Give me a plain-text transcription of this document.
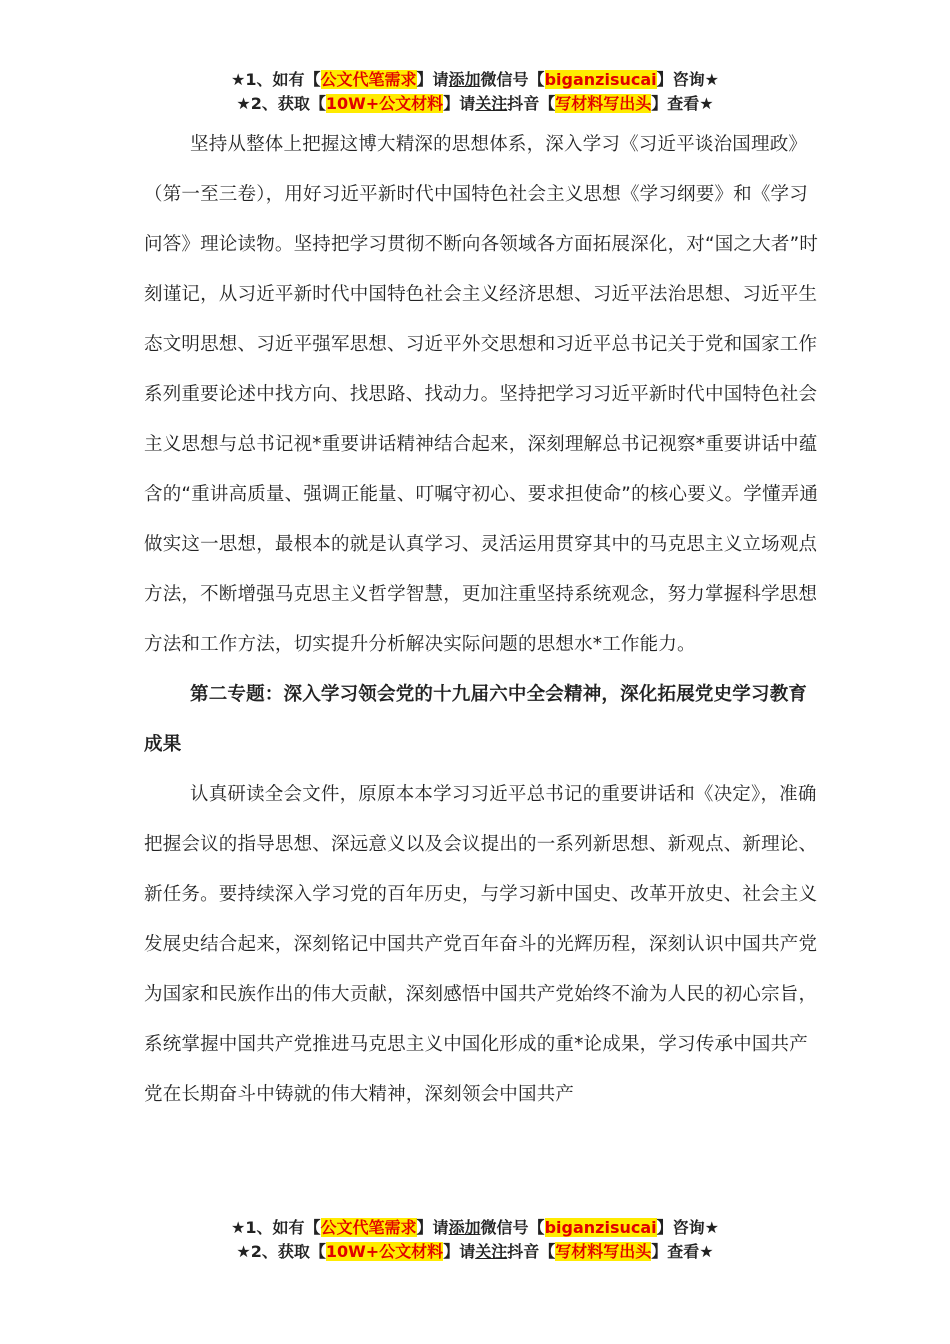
★1、如有【公文代笔需求】请添加微信号【biganzisucai】咨询★
★2、获取【10W+公文材料】请关注抖音【写材料写出头】查看★

坚持从整体上把握这博大精深的思想体系，深入学习《习近平谈治国理政》（第一至三卷），用好习近平新时代中国特色社会主义思想《学习纲要》和《学习问答》理论读物。坚持把学习贯彻不断向各领域各方面拓展深化，对“国之大者”时刻谨记，从习近平新时代中国特色社会主义经济思想、习近平法治思想、习近平生态文明思想、习近平强军思想、习近平外交思想和习近平总书记关于党和国家工作系列重要论述中找方向、找思路、找动力。坚持把学习习近平新时代中国特色社会主义思想与总书记视*重要讲话精神结合起来，深刻理解总书记视察*重要讲话中蕴含的“重讲高质量、强调正能量、叮嘱守初心、要求担使命”的核心要义。学懂弄通做实这一思想，最根本的就是认真学习、灵活运用贯穿其中的马克思主义立场观点方法，不断增强马克思主义哲学智慧，更加注重坚持系统观念，努力掌握科学思想方法和工作方法，切实提升分析解决实际问题的思想水*工作能力。

第二专题：深入学习领会党的十九届六中全会精神，深化拓展党史学习教育成果

认真研读全会文件，原原本本学习习近平总书记的重要讲话和《决定》，准确把握会议的指导思想、深远意义以及会议提出的一系列新思想、新观点、新理论、新任务。要持续深入学习党的百年历史，与学习新中国史、改革开放史、社会主义发展史结合起来，深刻铭记中国共产党百年奋斗的光辉历程，深刻认识中国共产党为国家和民族作出的伟大贡献，深刻感悟中国共产党始终不渝为人民的初心宗旨，系统掌握中国共产党推进马克思主义中国化形成的重*论成果，学习传承中国共产党在长期奋斗中铸就的伟大精神，深刻领会中国共产

★1、如有【公文代笔需求】请添加微信号【biganzisucai】咨询★
★2、获取【10W+公文材料】请关注抖音【写材料写出头】查看★
